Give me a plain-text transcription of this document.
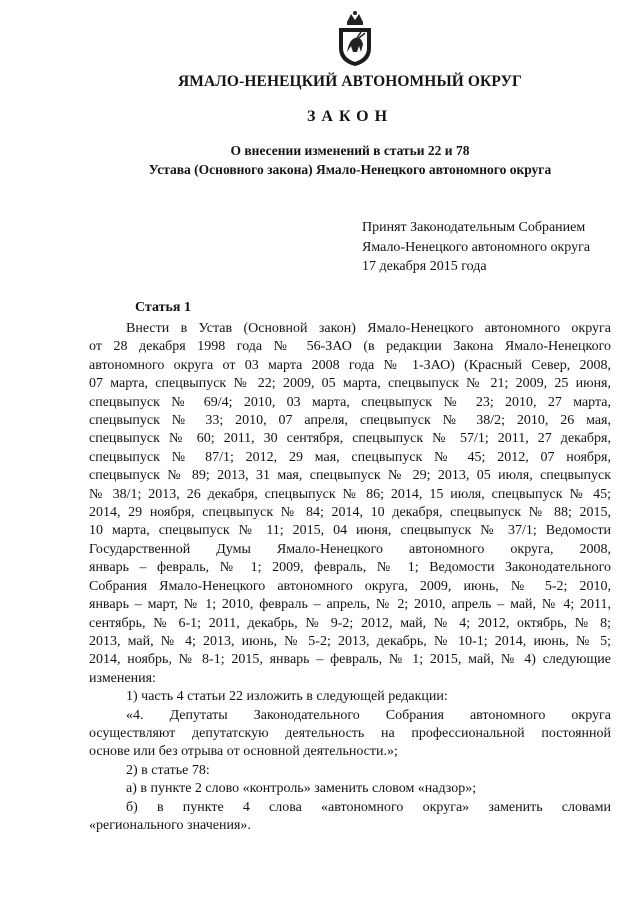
ЯМАЛО-НЕНЕЦКИЙ АВТОНОМНЫЙ ОКРУГ
ЗАКОН
О внесении изменений в статьи 22 и 78
Устава (Основного закона) Ямало-Ненецкого автономного округа
Принят Законодательным Собранием
Ямало-Ненецкого автономного округа
17 декабря 2015 года
Статья 1
Внести в Устав (Основной закон) Ямало-Ненецкого автономного округа
от 28 декабря 1998 года № 56-ЗАО (в редакции Закона Ямало-Ненецкого
автономного округа от 03 марта 2008 года № 1-ЗАО) (Красный Север, 2008,
07 марта, спецвыпуск № 22; 2009, 05 марта, спецвыпуск № 21; 2009, 25 июня,
спецвыпуск № 69/4; 2010, 03 марта, спецвыпуск № 23; 2010, 27 марта,
спецвыпуск № 33; 2010, 07 апреля, спецвыпуск № 38/2; 2010, 26 мая,
спецвыпуск № 60; 2011, 30 сентября, спецвыпуск № 57/1; 2011, 27 декабря,
спецвыпуск № 87/1; 2012, 29 мая, спецвыпуск № 45; 2012, 07 ноября,
спецвыпуск № 89; 2013, 31 мая, спецвыпуск № 29; 2013, 05 июля, спецвыпуск
№ 38/1; 2013, 26 декабря, спецвыпуск № 86; 2014, 15 июля, спецвыпуск № 45;
2014, 29 ноября, спецвыпуск № 84; 2014, 10 декабря, спецвыпуск № 88; 2015,
10 марта, спецвыпуск № 11; 2015, 04 июня, спецвыпуск № 37/1; Ведомости
Государственной Думы Ямало-Ненецкого автономного округа, 2008,
январь – февраль, № 1; 2009, февраль, № 1; Ведомости Законодательного
Собрания Ямало-Ненецкого автономного округа, 2009, июнь, № 5-2; 2010,
январь – март, № 1; 2010, февраль – апрель, № 2; 2010, апрель – май, № 4; 2011,
сентябрь, № 6-1; 2011, декабрь, № 9-2; 2012, май, № 4; 2012, октябрь, № 8;
2013, май, № 4; 2013, июнь, № 5-2; 2013, декабрь, № 10-1; 2014, июнь, № 5;
2014, ноябрь, № 8-1; 2015, январь – февраль, № 1; 2015, май, № 4) следующие
изменения:
1) часть 4 статьи 22 изложить в следующей редакции:
«4. Депутаты Законодательного Собрания автономного округа
осуществляют депутатскую деятельность на профессиональной постоянной
основе или без отрыва от основной деятельности.»;
2) в статье 78:
а) в пункте 2 слово «контроль» заменить словом «надзор»;
б) в пункте 4 слова «автономного округа» заменить словами
«регионального значения».
